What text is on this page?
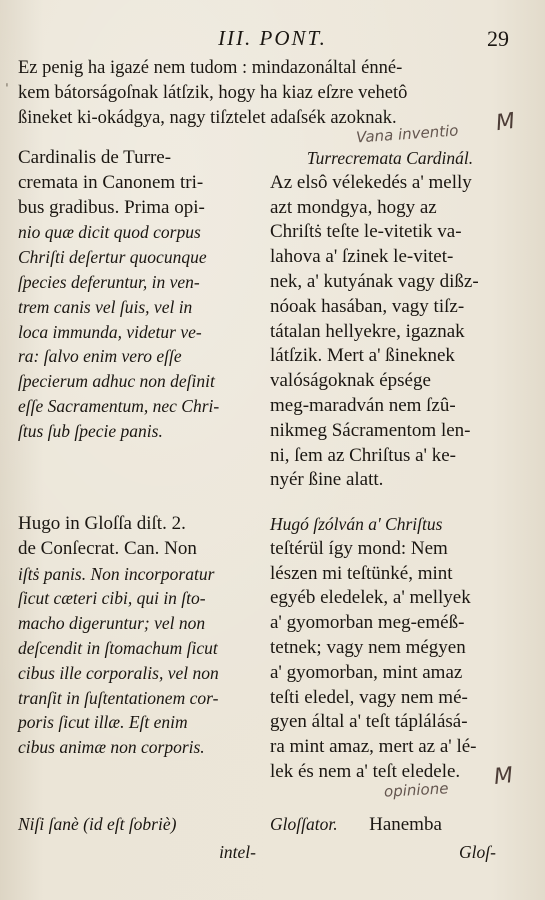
III. PONT.	29
ˈ
Ez penig ha igazé nem tudom : mindazonáltal énné-
kem bátorságoſnak látſzik, hogy ha kiaz eſzre vehetô
ßineket ki-okádgya, nagy tiſztelet adaſsék azoknak.	M
Vana inventio
Cardinalis de Turre-
cremata in Canonem tri-
bus gradibus. Prima opi-
nio quæ dicit quod corpus
Chriſti deſertur quocunque
ſpecies deferuntur, in ven-
trem canis vel ſuis, vel in
loca immunda, videtur ve-
ra: ſalvo enim vero eſſe
ſpecierum adhuc non deſinit
eſſe Sacramentum, nec Chri-
ſtus ſub ſpecie panis.
Turrecremata Cardinál.
Az elsô vélekedés a' melly
azt mondgya, hogy az
Chriſtṡ teſte le-vitetik va-
lahova a' ſzinek le-vitet-
nek, a' kutyának vagy dißz-
nóoak hasában, vagy tiſz-
tátalan hellyekre, igaznak
látſzik. Mert a' ßineknek
valóságoknak épsége
meg-maradván nem ſzû-
nikmeg Sácramentom len-
ni, ſem az Chriſtus a' ke-
nyér ßine alatt.
Hugo in Gloſſa diſt. 2.
de Conſecrat. Can. Non
iſtṡ panis. Non incorporatur
ſicut cæteri cibi, qui in ſto-
macho digeruntur; vel non
deſcendit in ſtomachum ſicut
cibus ille corporalis, vel non
tranſit in ſuſtentationem cor-
poris ſicut illæ. Eſt enim
cibus animæ non corporis.
Hugó ſzólván a' Chriſtus
teſtérül így mond: Nem
lészen mi teſtünké, mint
egyéb eledelek, a' mellyek
a' gyomorban meg-eméß-
tetnek; vagy nem mégyen
a' gyomorban, mint amaz
teſti eledel, vagy nem mé-
gyen által a' teſt táplálásá-
ra mint amaz, mert az a' lé-
lek és nem a' teſt eledele.	M
opinione
Niſi ſanè (id eſt ſobriè)
intel-
Gloſſator. Hanemba
Gloſ-
